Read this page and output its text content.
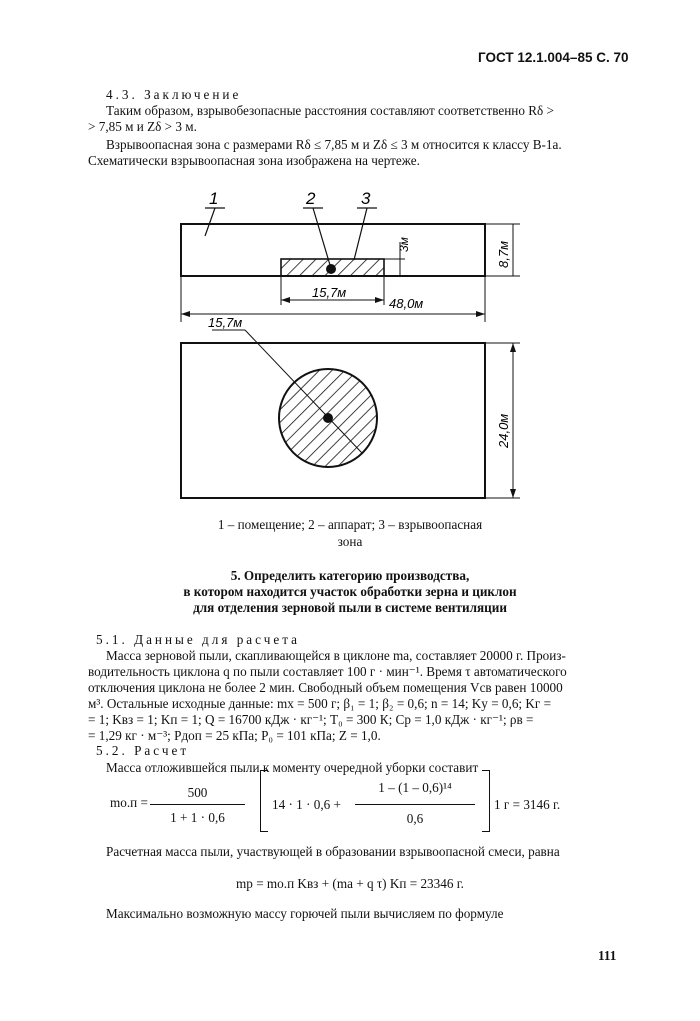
ГОСТ 12.1.004–85 С. 70
4.3. Заключение
Таким образом, взрывобезопасные расстояния составляют соответственно Rδ >
> 7,85 м и Zδ > 3 м.
Взрывоопасная зона с размерами Rδ ≤ 7,85 м и Zδ ≤ 3 м относится к классу В-1а.
Схематически взрывоопасная зона изображена на чертеже.
1	2	3
3м	8,7м
15,7м
48,0м
15,7м
24,0м
1 – помещение; 2 – аппарат; 3 – взрывоопасная
зона
5. Определить категорию производства,
в котором находится участок обработки зерна и циклон
для отделения зерновой пыли в системе вентиляции
5.1. Данные для расчета
Масса зерновой пыли, скапливающейся в циклоне mа, составляет 20000 г. Произ-
водительность циклона q по пыли составляет 100 г · мин⁻¹. Время τ автоматического
отключения циклона не более 2 мин. Свободный объем помещения Vсв равен 10000
м³. Остальные исходные данные: mх = 500 г; β₁ = 1; β₂ = 0,6; n = 14; Kу = 0,6; Kг =
= 1; Kвз = 1; Kп = 1; Q = 16700 кДж · кг⁻¹; T₀ = 300 К; Cр = 1,0 кДж · кг⁻¹; ρв =
= 1,29 кг · м⁻³; Pдоп = 25 кПа; P₀ = 101 кПа; Z = 1,0.
5.2. Расчет
Масса отложившейся пыли к моменту очередной уборки составит
mо.п =
500
1 + 1 · 0,6
14 · 1 · 0,6 +
1 – (1 – 0,6)¹⁴
0,6
1 г = 3146 г.
Расчетная масса пыли, участвующей в образовании взрывоопасной смеси, равна
mр = mо.п Kвз + (mа + q τ) Kп = 23346 г.
Максимально возможную массу горючей пыли вычисляем по формуле
111
